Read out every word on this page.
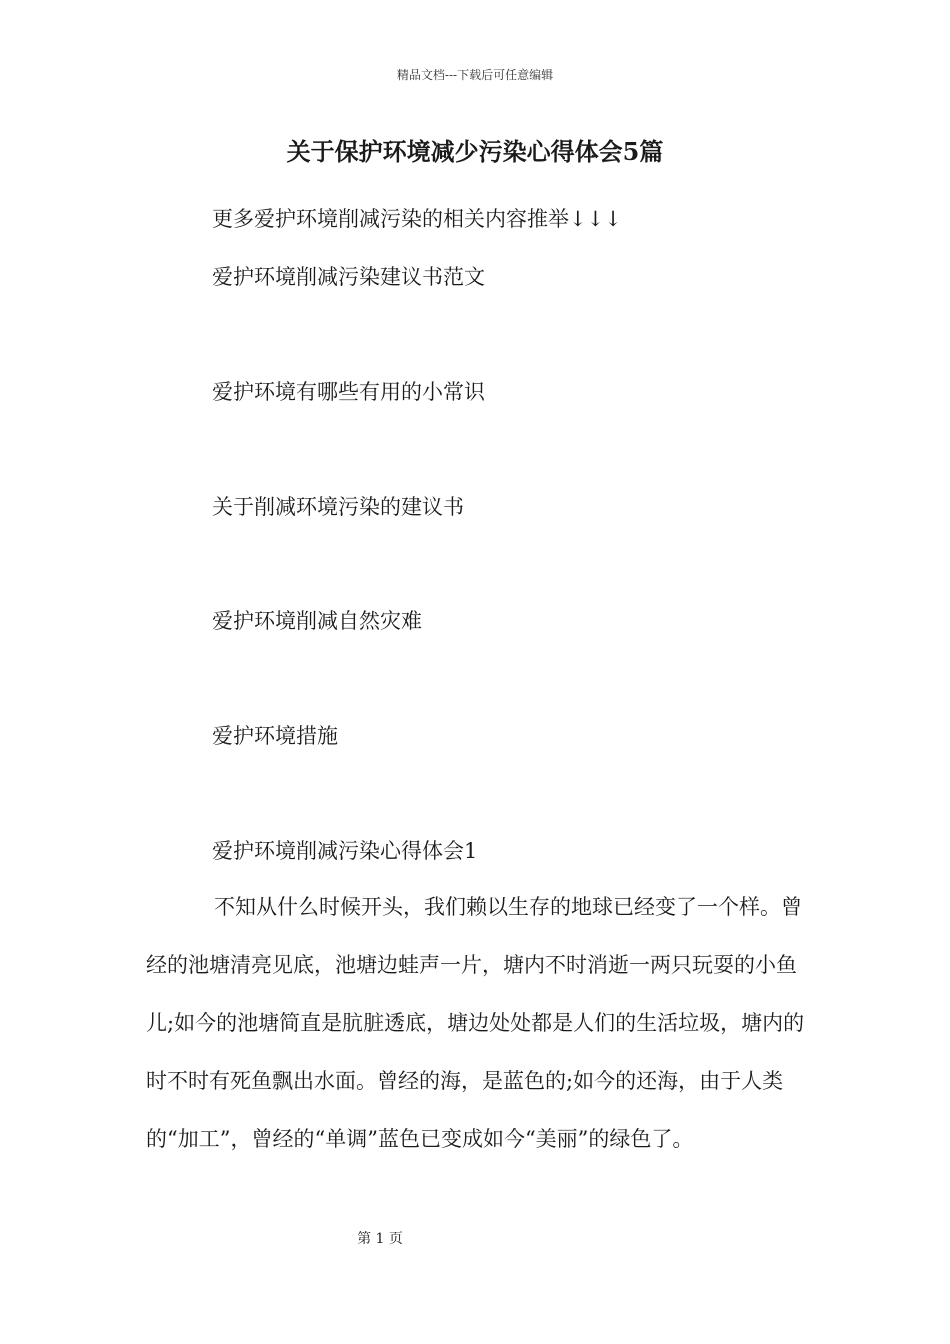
精品文档---下载后可任意编辑
关于保护环境减少污染心得体会5篇
更多爱护环境削减污染的相关内容推举↓↓↓
爱护环境削减污染建议书范文
爱护环境有哪些有用的小常识
关于削减环境污染的建议书
爱护环境削减自然灾难
爱护环境措施
爱护环境削减污染心得体会1

不知从什么时候开头，我们赖以生存的地球已经变了一个样。曾经的池塘清亮见底，池塘边蛙声一片，塘内不时消逝一两只玩耍的小鱼儿;如今的池塘简直是肮脏透底，塘边处处都是人们的生活垃圾，塘内的时不时有死鱼飘出水面。曾经的海，是蓝色的;如今的还海，由于人类的“加工”，曾经的“单调”蓝色已变成如今“美丽”的绿色了。

第 1 页
